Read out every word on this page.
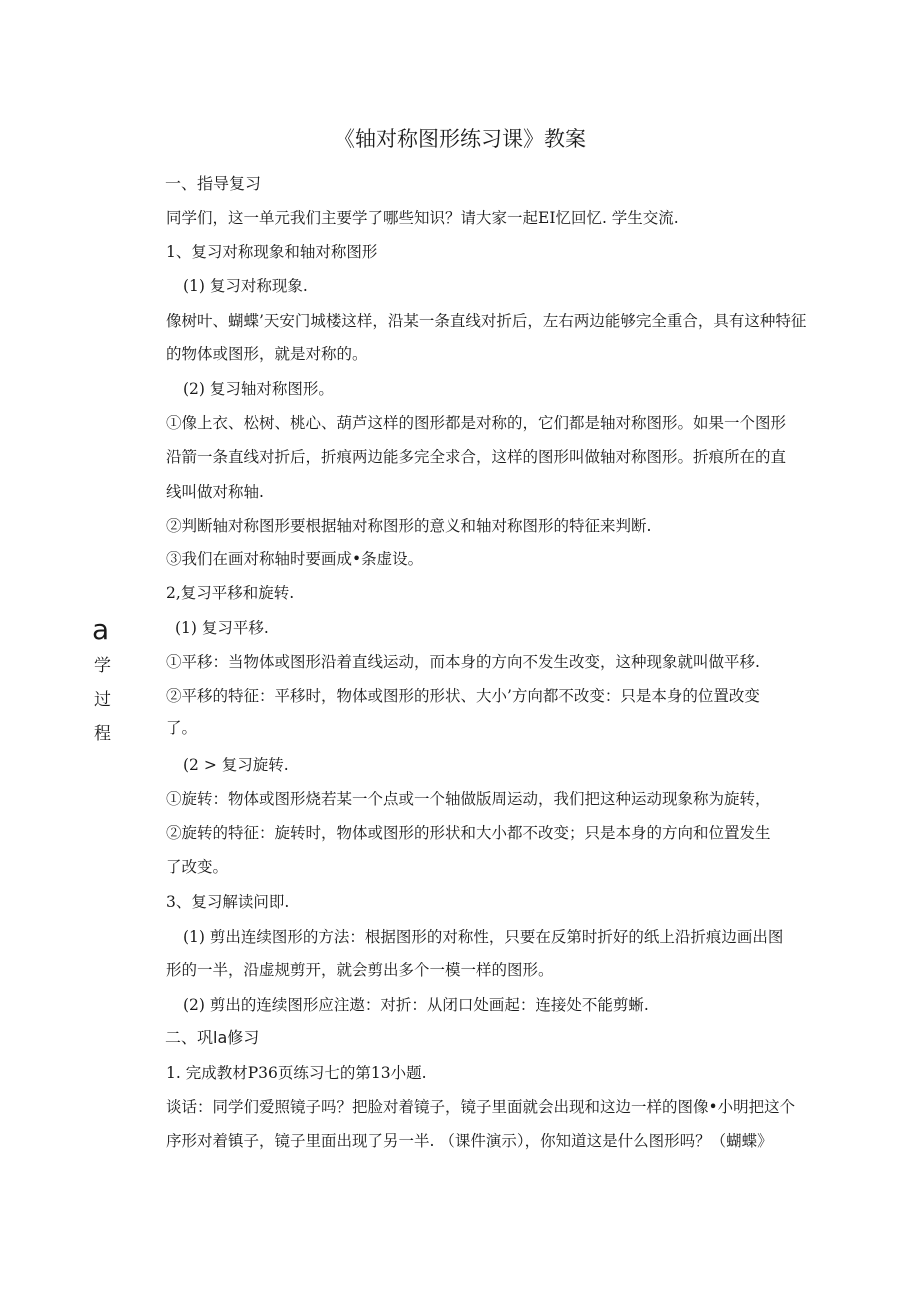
《轴对称图形练习课》教案
a
学
过
程
一、指导复习
同学们，这一单元我们主要学了哪些知识？请大家一起EI忆回忆. 学生交流.
1、复习对称现象和轴对称图形
(1) 复习对称现象.
像树叶、蝴蝶’天安门城楼这样，沿某一条直线对折后，左右两边能够完全重合，具有这种特征
的物体或图形，就是对称的。
(2) 复习轴对称图形。
①像上衣、松树、桃心、葫芦这样的图形都是对称的，它们都是轴对称图形。如果一个图形
沿箭一条直线对折后，折痕两边能多完全求合，这样的图形叫做轴对称图形。折痕所在的直
线叫做对称轴.
②判断轴对称图形要根据轴对称图形的意义和轴对称图形的特征来判断.
③我们在画对称轴时要画成•条虚设。
2,复习平移和旋转.
(1) 复习平移.
①平移：当物体或图形沿着直线运动，而本身的方向不发生改变，这种现象就叫做平移.
②平移的特征：平移时，物体或图形的形状、大小’方向都不改变：只是本身的位置改变
了。
(2 > 复习旋转.
①旋转：物体或图形烧若某一个点或一个轴做版周运动，我们把这种运动现象称为旋转，
②旋转的特征：旋转时，物体或图形的形状和大小都不改变；只是本身的方向和位置发生
了改变。
3、复习解读问即.
(1) 剪出连续图形的方法：根据图形的对称性，只要在反第时折好的纸上沿折痕边画出图
形的一半，沿虚规剪开，就会剪出多个一模一样的图形。
(2) 剪出的连续图形应注遨：对折：从闭口处画起：连接处不能剪蜥.
二、巩la修习
1. 完成教材P36页练习七的第13小题.
谈话：同学们爱照镜子吗？把脸对着镜子，镜子里面就会出现和这边一样的图像•小明把这个
序形对着镇子，镜子里面出现了另一半. （课件演示），你知道这是什么图形吗？（蝴蝶》
